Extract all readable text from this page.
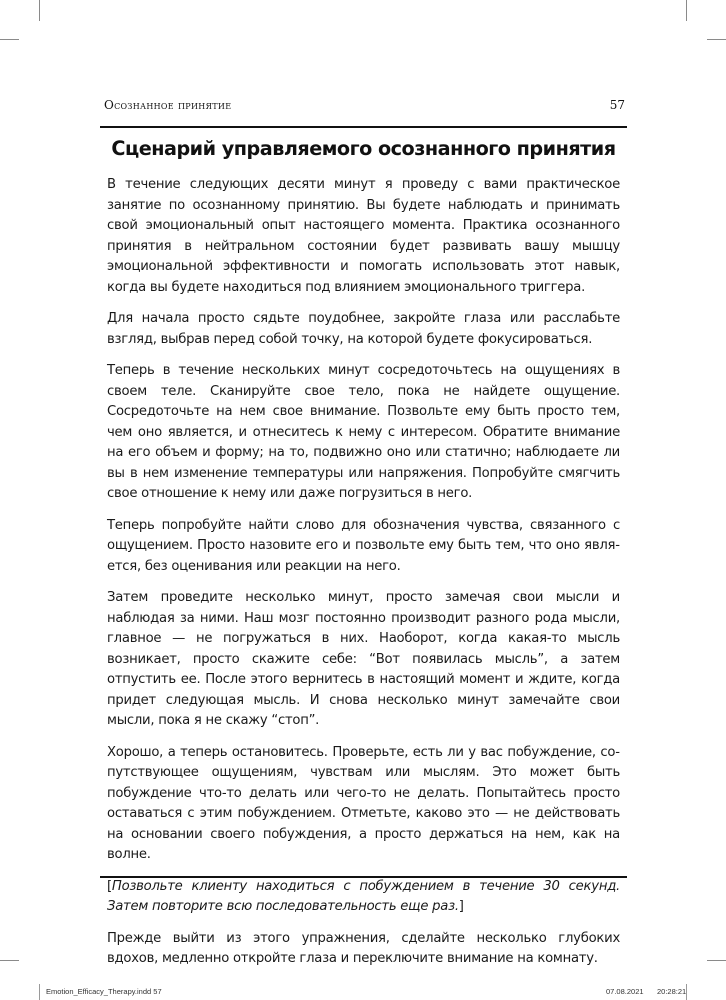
Осознанное принятие	57
Сценарий управляемого осознанного принятия

В течение следующих десяти минут я проведу с вами практическое занятие по осознанному принятию. Вы будете наблюдать и принимать свой эмоциональный опыт настоящего момента. Практика осознанного принятия в нейтральном состоянии будет развивать вашу мышцу эмоциональной эффективности и помогать использовать этот навык, когда вы будете находиться под влиянием эмоционального триггера.

Для начала просто сядьте поудобнее, закройте глаза или расслабьте взгляд, выбрав перед собой точку, на которой будете фокусироваться.

Теперь в течение нескольких минут сосредоточьтесь на ощущениях в своем теле. Сканируйте свое тело, пока не найдете ощущение. Сосредоточьте на нем свое внимание. Позвольте ему быть просто тем, чем оно является, и отнеситесь к нему с интересом. Обратите внимание на его объем и форму; на то, подвижно оно или статично; наблюдаете ли вы в нем изменение температуры или напряжения. Попробуйте смягчить свое отношение к нему или даже погрузиться в него.

Теперь попробуйте найти слово для обозначения чувства, связанного с ощущением. Просто назовите его и позвольте ему быть тем, что оно является, без оценивания или реакции на него.

Затем проведите несколько минут, просто замечая свои мысли и наблюдая за ними. Наш мозг постоянно производит разного рода мысли, главное — не погружаться в них. Наоборот, когда какая-то мысль возникает, просто скажите себе: “Вот появилась мысль”, а затем отпустить ее. После этого вернитесь в настоящий момент и ждите, когда придет следующая мысль. И снова несколько минут замечайте свои мысли, пока я не скажу “стоп”.

Хорошо, а теперь остановитесь. Проверьте, есть ли у вас побуждение, сопутствующее ощущениям, чувствам или мыслям. Это может быть побуждение что-то делать или чего-то не делать. Попытайтесь просто оставаться с этим побуждением. Отметьте, каково это — не действовать на основании своего побуждения, а просто держаться на нем, как на волне.

[Позвольте клиенту находиться с побуждением в течение 30 секунд. Затем повторите всю последовательность еще раз.]

Прежде выйти из этого упражнения, сделайте несколько глубоких вдохов, медленно откройте глаза и переключите внимание на комнату.

Emotion_Efficacy_Therapy.indd 57	07.08.2021 20:28:21
